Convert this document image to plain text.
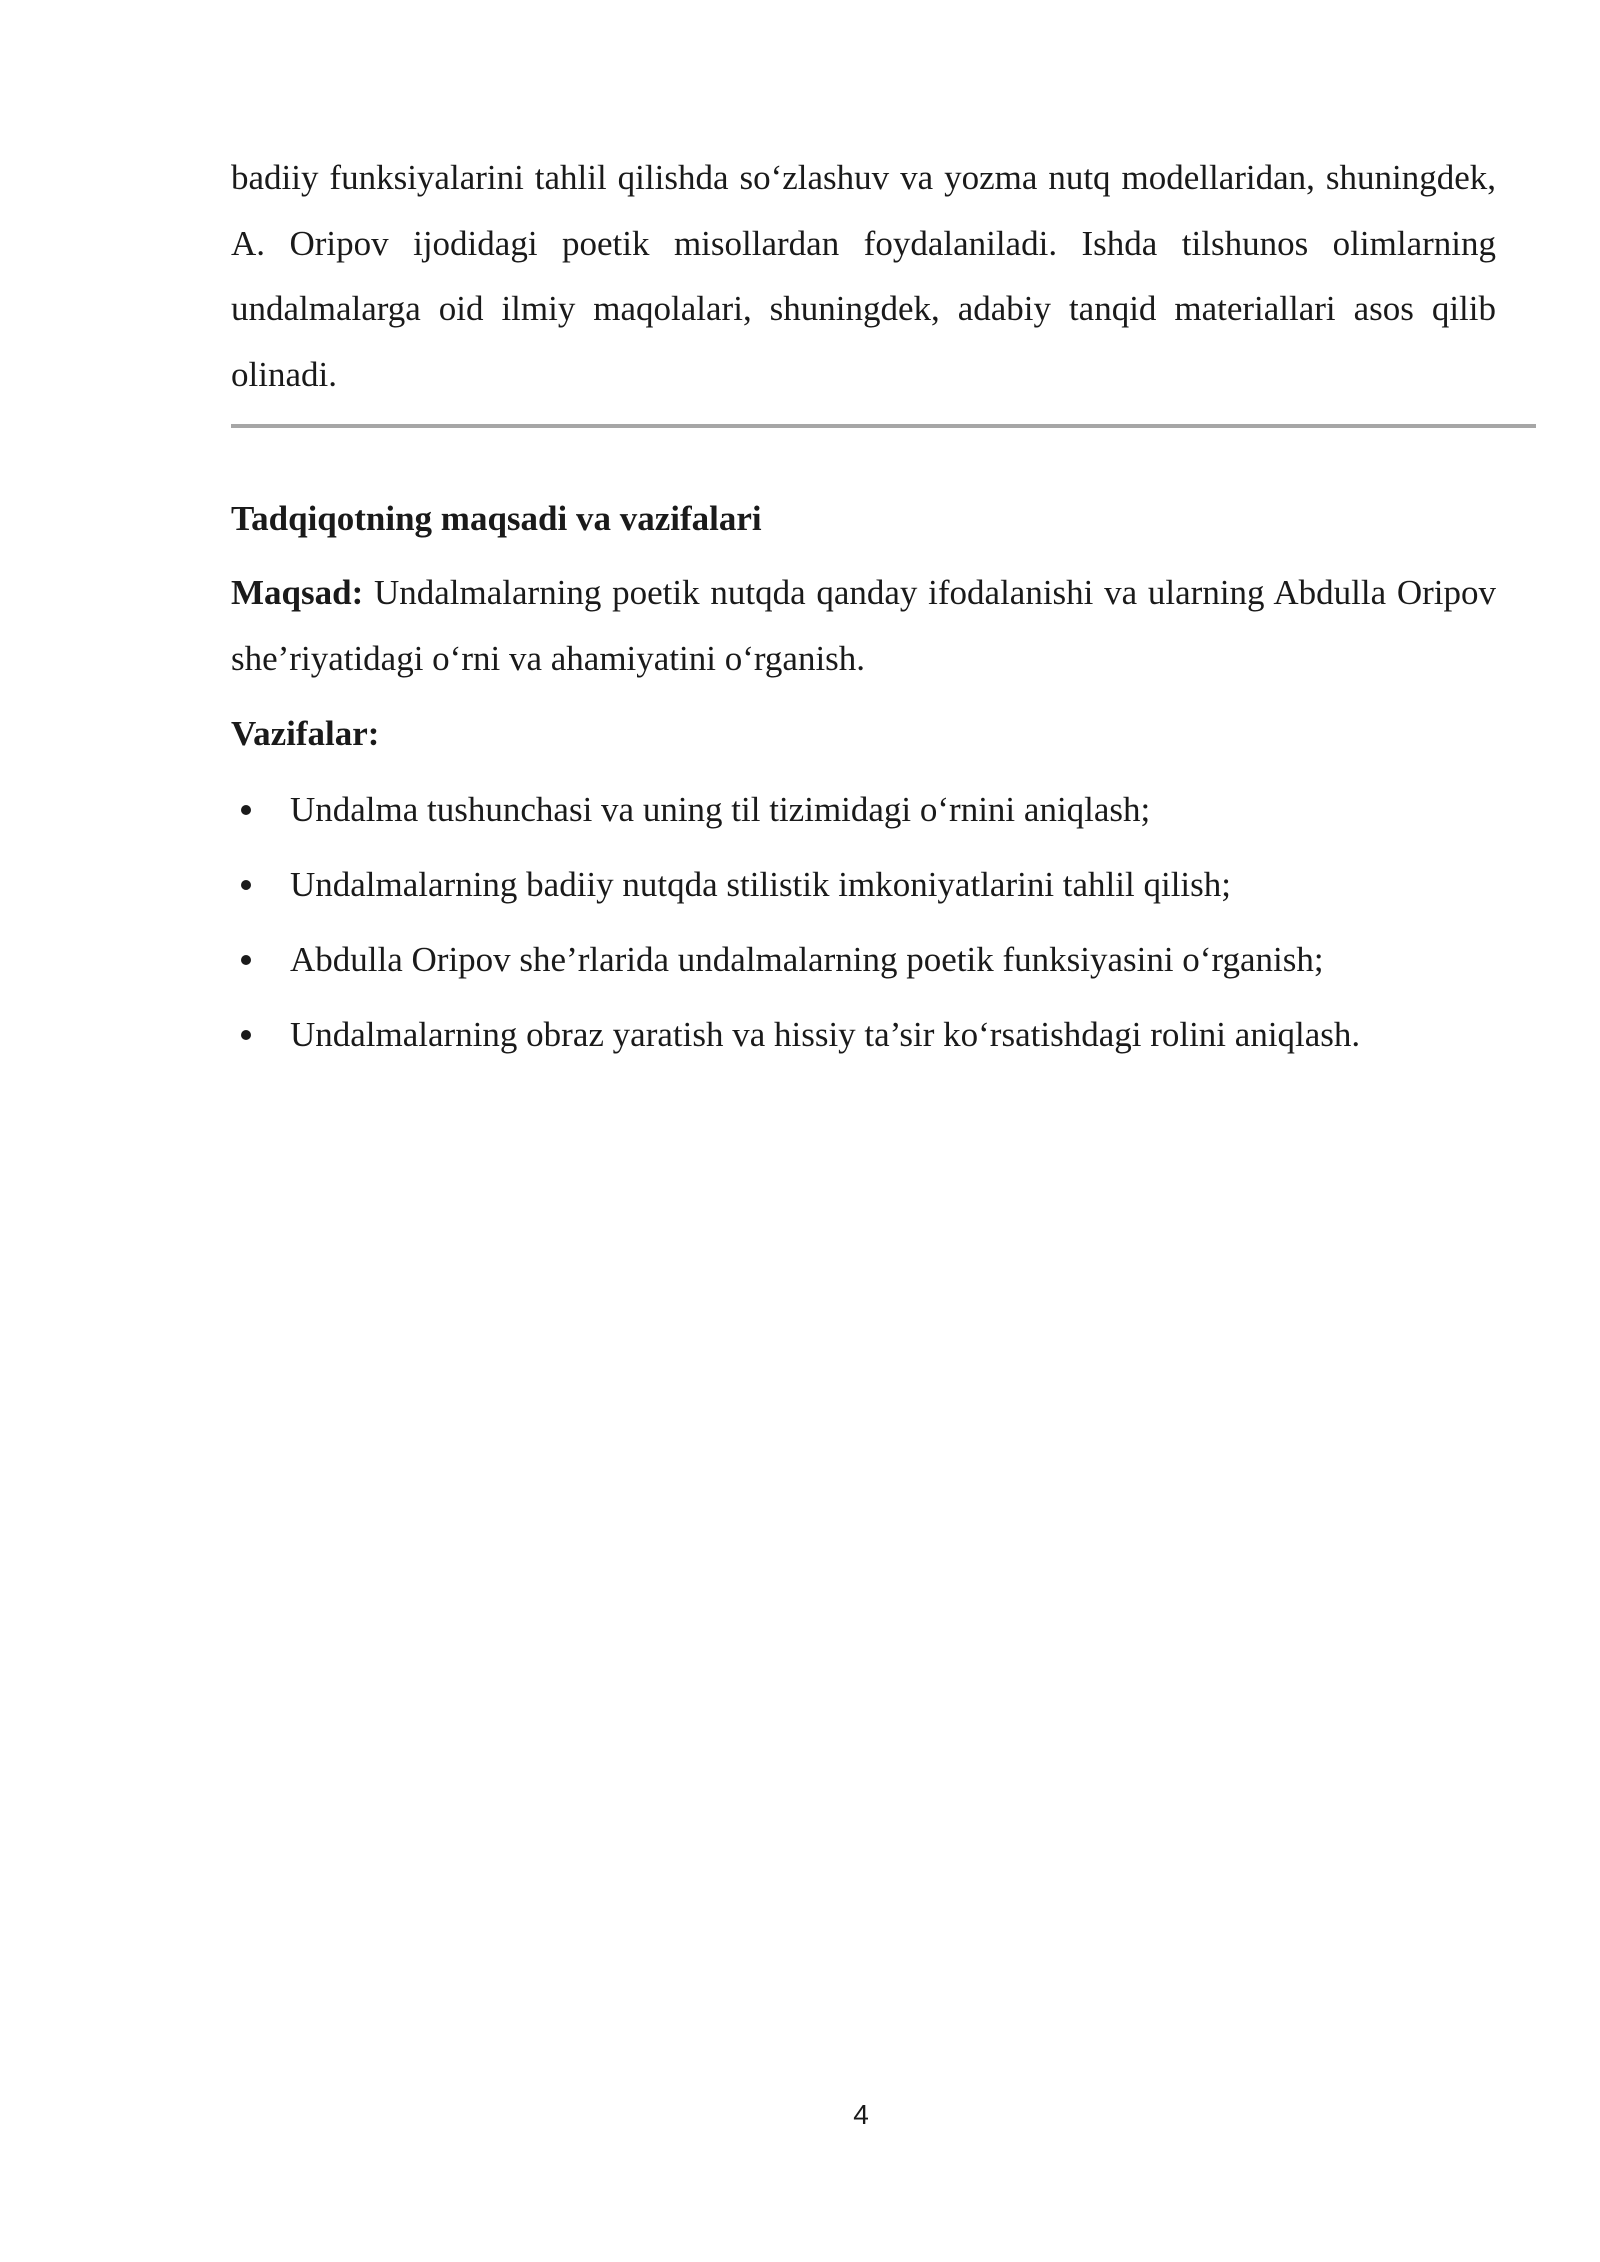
badiiy funksiyalarini tahlil qilishda so‘zlashuv va yozma nutq modellaridan, shuningdek, A. Oripov ijodidagi poetik misollardan foydalaniladi. Ishda tilshunos olimlarning undalmalarga oid ilmiy maqolalari, shuningdek, adabiy tanqid materiallari asos qilib olinadi.

Tadqiqotning maqsadi va vazifalari

Maqsad: Undalmalarning poetik nutqda qanday ifodalanishi va ularning Abdulla Oripov she’riyatidagi o‘rni va ahamiyatini o‘rganish.

Vazifalar:

Undalma tushunchasi va uning til tizimidagi o‘rnini aniqlash;
Undalmalarning badiiy nutqda stilistik imkoniyatlarini tahlil qilish;
Abdulla Oripov she’rlarida undalmalarning poetik funksiyasini o‘rganish;
Undalmalarning obraz yaratish va hissiy ta’sir ko‘rsatishdagi rolini aniqlash.
4
